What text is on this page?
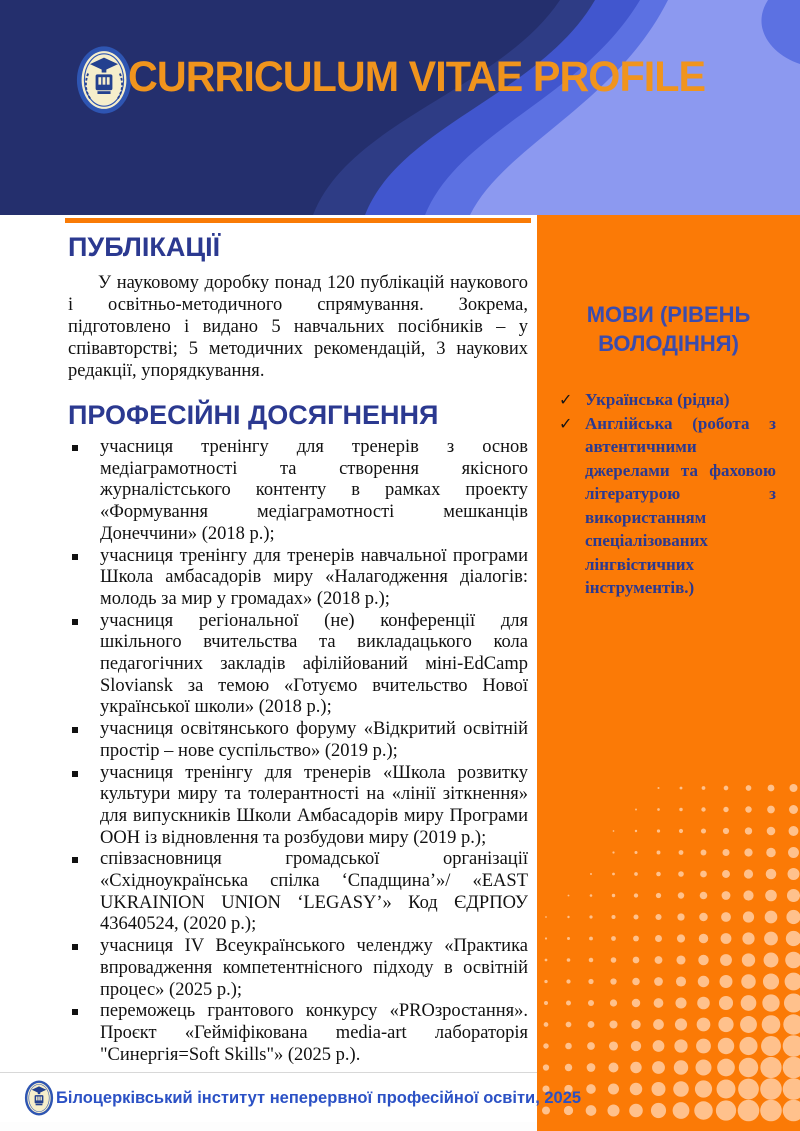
CURRICULUM VITAE PROFILE
ПУБЛІКАЦІЇ

У науковому доробку понад 120 публікацій наукового і освітньо-методичного спрямування. Зокрема, підготовлено і видано 5 навчальних посібників – у співавторстві; 5 методичних рекомендацій, 3 наукових редакції, упорядкування.

ПРОФЕСІЙНІ ДОСЯГНЕННЯ
учасниця тренінгу для тренерів з основ медіаграмотності та створення якісного журналістського контенту в рамках проекту «Формування медіаграмотності мешканців Донеччини» (2018 р.);
учасниця тренінгу для тренерів навчальної програми Школа амбасадорів миру «Налагодження діалогів: молодь за мир у громадах» (2018 р.);
учасниця регіональної (не) конференції для шкільного вчительства та викладацького кола педагогічних закладів афілійований міні-EdCamp Sloviansk за темою «Готуємо вчительство Нової української школи» (2018 р.);
учасниця освітянського форуму «Відкритий освітній простір – нове суспільство» (2019 р.);
учасниця тренінгу для тренерів «Школа розвитку культури миру та толерантності на «лінії зіткнення» для випускників Школи Амбасадорів миру Програми ООН із відновлення та розбудови миру (2019 р.);
співзасновниця громадської організації «Східноукраїнська спілка ‘Спадщина’»/ «EAST UKRAINION UNION ‘LEGASY’» Код ЄДРПОУ 43640524, (2020 р.);
учасниця IV Всеукраїнського челенджу «Практика впровадження компетентнісного підходу в освітній процес» (2025 р.);
переможець грантового конкурсу «PROзростання». Проєкт «Гейміфікована media-art лабораторія "Синергія=Soft Skills"» (2025 р.).
МОВИ (РІВЕНЬ ВОЛОДІННЯ)
✓ Українська (рідна)
✓ Англійська (робота з автентичними джерелами та фаховою літературою з використанням спеціалізованих лінгвістичних інструментів.)
Білоцерківський інститут неперервної професійної освіти, 2025
